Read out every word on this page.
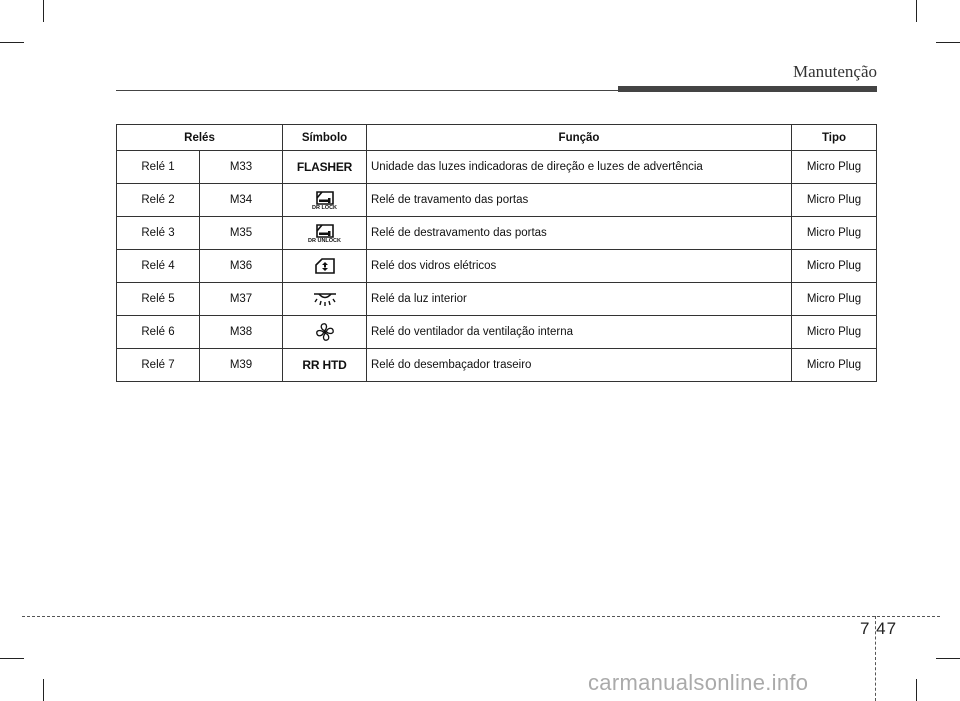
Manutenção
Relés		Símbolo	Função	Tipo
Relé 1	M33	FLASHER	Unidade das luzes indicadoras de direção e luzes de advertência	Micro Plug
Relé 2	M34	DR LOCK	Relé de travamento das portas	Micro Plug
Relé 3	M35	DR UNLOCK	Relé de destravamento das portas	Micro Plug
Relé 4	M36		Relé dos vidros elétricos	Micro Plug
Relé 5	M37		Relé da luz interior	Micro Plug
Relé 6	M38		Relé do ventilador da ventilação interna	Micro Plug
Relé 7	M39	RR HTD	Relé do desembaçador traseiro	Micro Plug
7 47
carmanualsonline.info
